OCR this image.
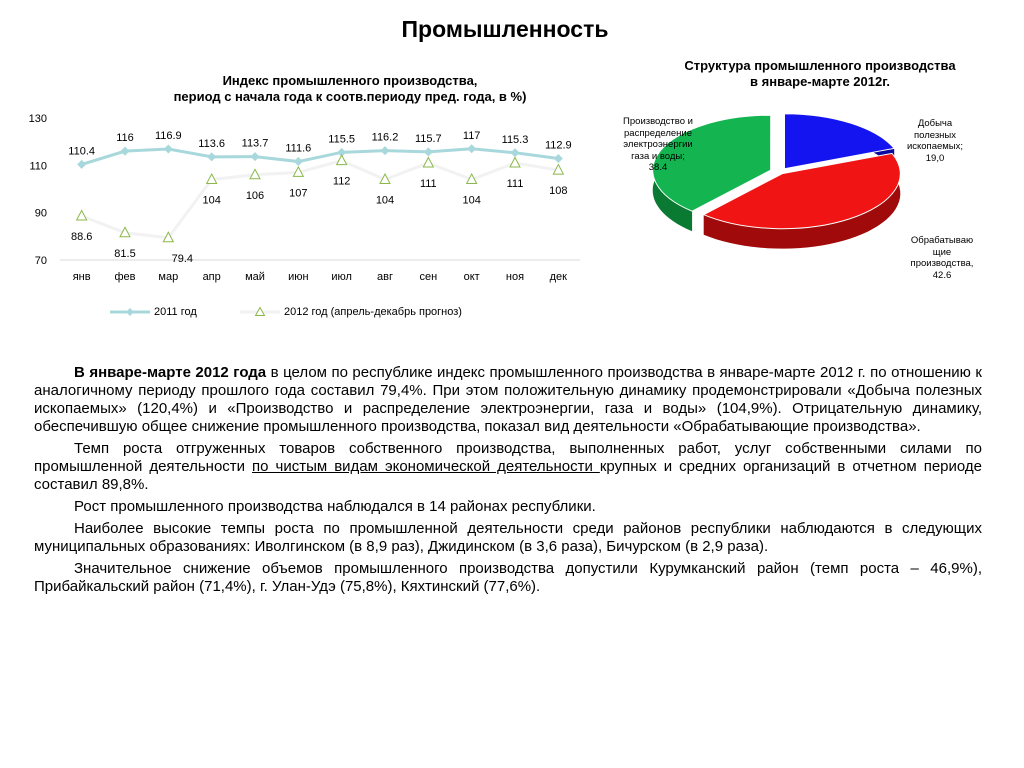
Промышленность
Индекс промышленного производства,
период с начала года к соотв.периоду пред. года, в %)
Структура промышленного производства
в январе-марте 2012г.
130
110
90
70
янв фев мар апр май июн июл авг сен окт ноя дек
110.4
116 116.9
113.6 113.7 111.6
115.5 116.2 115.7 117 115.3 112.9
88.6
81.5	79.4
104 106 107
112
104
111
104
111
108
2011 год	2012 год (апрель-декабрь прогноз)
Добыча
полезных
ископаемых;
19,0
Обрабатываю
щие
производства,
42.6
Производство и
распределение
электроэнергии
газа и воды;
38.4

В январе-марте 2012 года в целом по республике индекс промышленного производства в январе-марте 2012 г. по отношению к аналогичному периоду прошлого года составил 79,4%. При этом положительную динамику продемонстрировали «Добыча полезных ископаемых» (120,4%) и «Производство и распределение электроэнергии, газа и воды» (104,9%). Отрицательную динамику, обеспечившую общее снижение промышленного производства, показал вид деятельности «Обрабатывающие производства».

Темп роста отгруженных товаров собственного производства, выполненных работ, услуг собственными силами по промышленной деятельности по чистым видам экономической деятельности крупных и средних организаций в отчетном периоде составил 89,8%.

Рост промышленного производства наблюдался в 14 районах республики.

Наиболее высокие темпы роста по промышленной деятельности среди районов республики наблюдаются в следующих муниципальных образованиях: Иволгинском (в 8,9 раз), Джидинском (в 3,6 раза), Бичурском (в 2,9 раза).

Значительное снижение объемов промышленного производства допустили Курумканский район (темп роста – 46,9%), Прибайкальский район (71,4%), г. Улан-Удэ (75,8%), Кяхтинский (77,6%).
